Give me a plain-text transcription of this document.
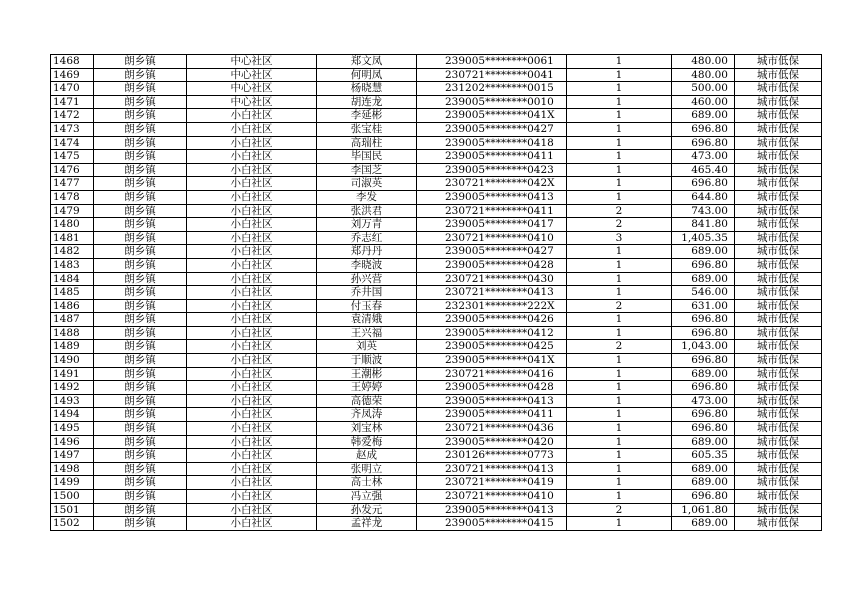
1468	朗乡镇	中心社区	郑文凤	239005********0061	1	480.00	城市低保
1469	朗乡镇	中心社区	何明凤	230721********0041	1	480.00	城市低保
1470	朗乡镇	中心社区	杨晓慧	231202********0015	1	500.00	城市低保
1471	朗乡镇	中心社区	胡连龙	239005********0010	1	460.00	城市低保
1472	朗乡镇	小白社区	李延彬	239005********041X	1	689.00	城市低保
1473	朗乡镇	小白社区	张宝桂	239005********0427	1	696.80	城市低保
1474	朗乡镇	小白社区	高瑞柱	239005********0418	1	696.80	城市低保
1475	朗乡镇	小白社区	毕国民	239005********0411	1	473.00	城市低保
1476	朗乡镇	小白社区	李国芝	239005********0423	1	465.40	城市低保
1477	朗乡镇	小白社区	司淑英	230721********042X	1	696.80	城市低保
1478	朗乡镇	小白社区	李发	239005********0413	1	644.80	城市低保
1479	朗乡镇	小白社区	张洪君	230721********0411	2	743.00	城市低保
1480	朗乡镇	小白社区	刘万青	239005********0417	2	841.80	城市低保
1481	朗乡镇	小白社区	乔志红	230721********0410	3	1,405.35	城市低保
1482	朗乡镇	小白社区	郑丹丹	239005********0427	1	689.00	城市低保
1483	朗乡镇	小白社区	李晓波	239005********0428	1	696.80	城市低保
1484	朗乡镇	小白社区	孙兴营	230721********0430	1	689.00	城市低保
1485	朗乡镇	小白社区	乔井国	230721********0413	1	546.00	城市低保
1486	朗乡镇	小白社区	付玉春	232301********222X	2	631.00	城市低保
1487	朗乡镇	小白社区	袁清娥	239005********0426	1	696.80	城市低保
1488	朗乡镇	小白社区	王兴福	239005********0412	1	696.80	城市低保
1489	朗乡镇	小白社区	刘英	239005********0425	2	1,043.00	城市低保
1490	朗乡镇	小白社区	于顺波	239005********041X	1	696.80	城市低保
1491	朗乡镇	小白社区	王潮彬	230721********0416	1	689.00	城市低保
1492	朗乡镇	小白社区	王婷婷	239005********0428	1	696.80	城市低保
1493	朗乡镇	小白社区	高德荣	239005********0413	1	473.00	城市低保
1494	朗乡镇	小白社区	齐凤涛	239005********0411	1	696.80	城市低保
1495	朗乡镇	小白社区	刘宝林	230721********0436	1	696.80	城市低保
1496	朗乡镇	小白社区	韩爱梅	239005********0420	1	689.00	城市低保
1497	朗乡镇	小白社区	赵成	230126********0773	1	605.35	城市低保
1498	朗乡镇	小白社区	张明立	230721********0413	1	689.00	城市低保
1499	朗乡镇	小白社区	高士林	230721********0419	1	689.00	城市低保
1500	朗乡镇	小白社区	冯立强	230721********0410	1	696.80	城市低保
1501	朗乡镇	小白社区	孙发元	239005********0413	2	1,061.80	城市低保
1502	朗乡镇	小白社区	孟祥龙	239005********0415	1	689.00	城市低保
